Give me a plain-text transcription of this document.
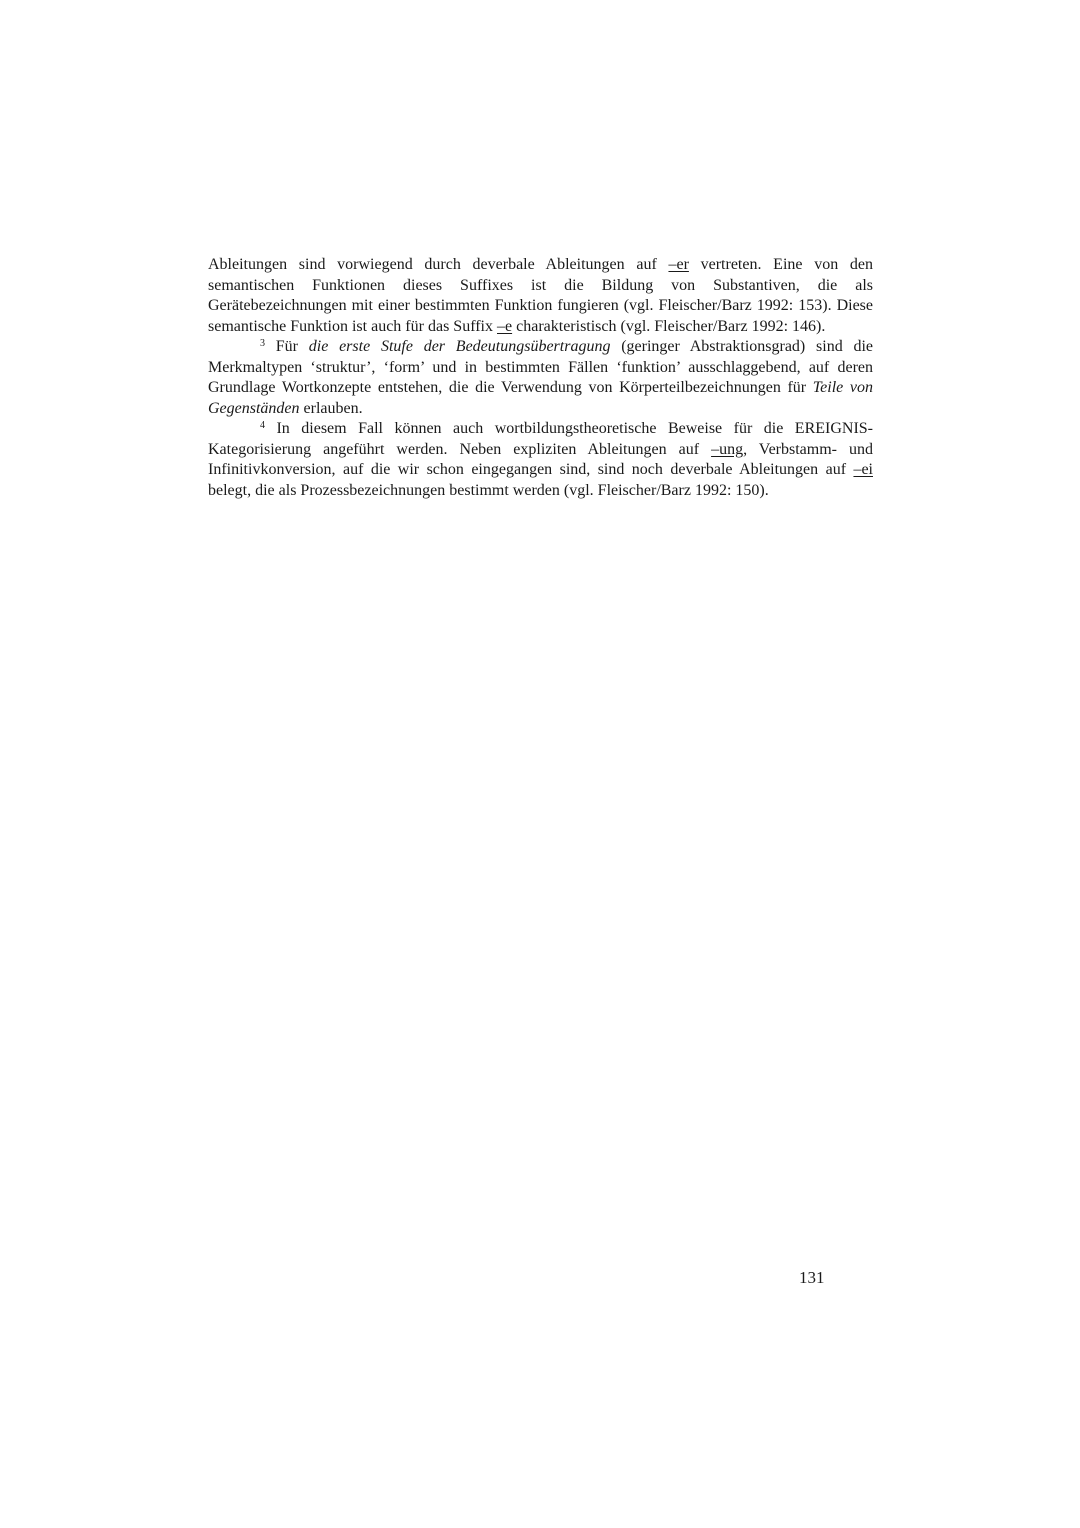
Ableitungen sind vorwiegend durch deverbale Ableitungen auf –er vertreten. Eine von den semantischen Funktionen dieses Suffixes ist die Bildung von Substantiven, die als Gerätebezeichnungen mit einer bestimmten Funktion fungieren (vgl. Fleischer/Barz 1992: 153). Diese semantische Funktion ist auch für das Suffix –e charakteristisch (vgl. Fleischer/Barz 1992: 146).

$^3$ Für die erste Stufe der Bedeutungsübertragung (geringer Abstraktionsgrad) sind die Merkmaltypen ‘struktur’, ‘form’ und in bestimmten Fällen ‘funktion’ ausschlaggebend, auf deren Grundlage Wortkonzepte entstehen, die die Verwendung von Körperteilbezeichnungen für Teile von Gegenständen erlauben.

$^4$ In diesem Fall können auch wortbildungstheoretische Beweise für die EREIGNIS-Kategorisierung angeführt werden. Neben expliziten Ableitungen auf –ung, Verbstamm- und Infinitivkonversion, auf die wir schon eingegangen sind, sind noch deverbale Ableitungen auf –ei belegt, die als Prozessbezeichnungen bestimmt werden (vgl. Fleischer/Barz 1992: 150).

131
